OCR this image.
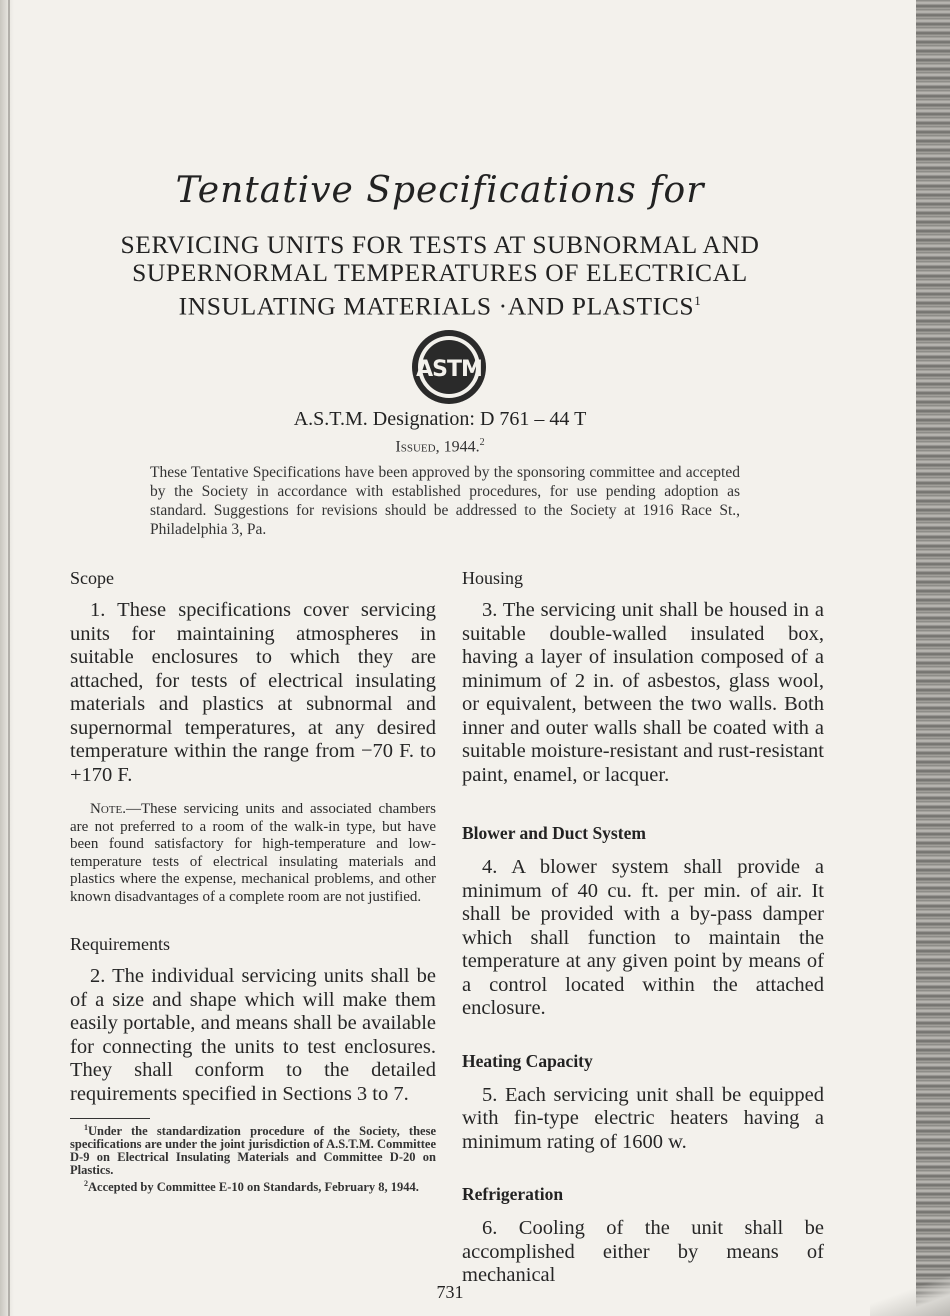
Tentative Specifications for
SERVICING UNITS FOR TESTS AT SUBNORMAL AND
SUPERNORMAL TEMPERATURES OF ELECTRICAL
INSULATING MATERIALS ·AND PLASTICS$^1$
ASTM
A.S.T.M. Designation: D 761 – 44 T
Issued, 1944.$^2$
These Tentative Specifications have been approved by the sponsoring committee and accepted by the Society in accordance with established procedures, for use pending adoption as standard. Suggestions for revisions should be addressed to the Society at 1916 Race St., Philadelphia 3, Pa.

Scope

1. These specifications cover servicing units for maintaining atmospheres in suitable enclosures to which they are attached, for tests of electrical insulating materials and plastics at subnormal and supernormal temperatures, at any desired temperature within the range from −70 F. to +170 F.

Note.—These servicing units and associated chambers are not preferred to a room of the walk-in type, but have been found satisfactory for high-temperature and low-temperature tests of electrical insulating materials and plastics where the expense, mechanical problems, and other known disadvantages of a complete room are not justified.

Requirements

2. The individual servicing units shall be of a size and shape which will make them easily portable, and means shall be available for connecting the units to test enclosures. They shall conform to the detailed requirements specified in Sections 3 to 7.

$^1$Under the standardization procedure of the Society, these specifications are under the joint jurisdiction of A.S.T.M. Committee D-9 on Electrical Insulating Materials and Committee D-20 on Plastics.

$^2$Accepted by Committee E-10 on Standards, February 8, 1944.

Housing

3. The servicing unit shall be housed in a suitable double-walled insulated box, having a layer of insulation composed of a minimum of 2 in. of asbestos, glass wool, or equivalent, between the two walls. Both inner and outer walls shall be coated with a suitable moisture-resistant and rust-resistant paint, enamel, or lacquer.

Blower and Duct System

4. A blower system shall provide a minimum of 40 cu. ft. per min. of air. It shall be provided with a by-pass damper which shall function to maintain the temperature at any given point by means of a control located within the attached enclosure.

Heating Capacity

5. Each servicing unit shall be equipped with fin-type electric heaters having a minimum rating of 1600 w.

Refrigeration

6. Cooling of the unit shall be accomplished either by means of mechanical

731
